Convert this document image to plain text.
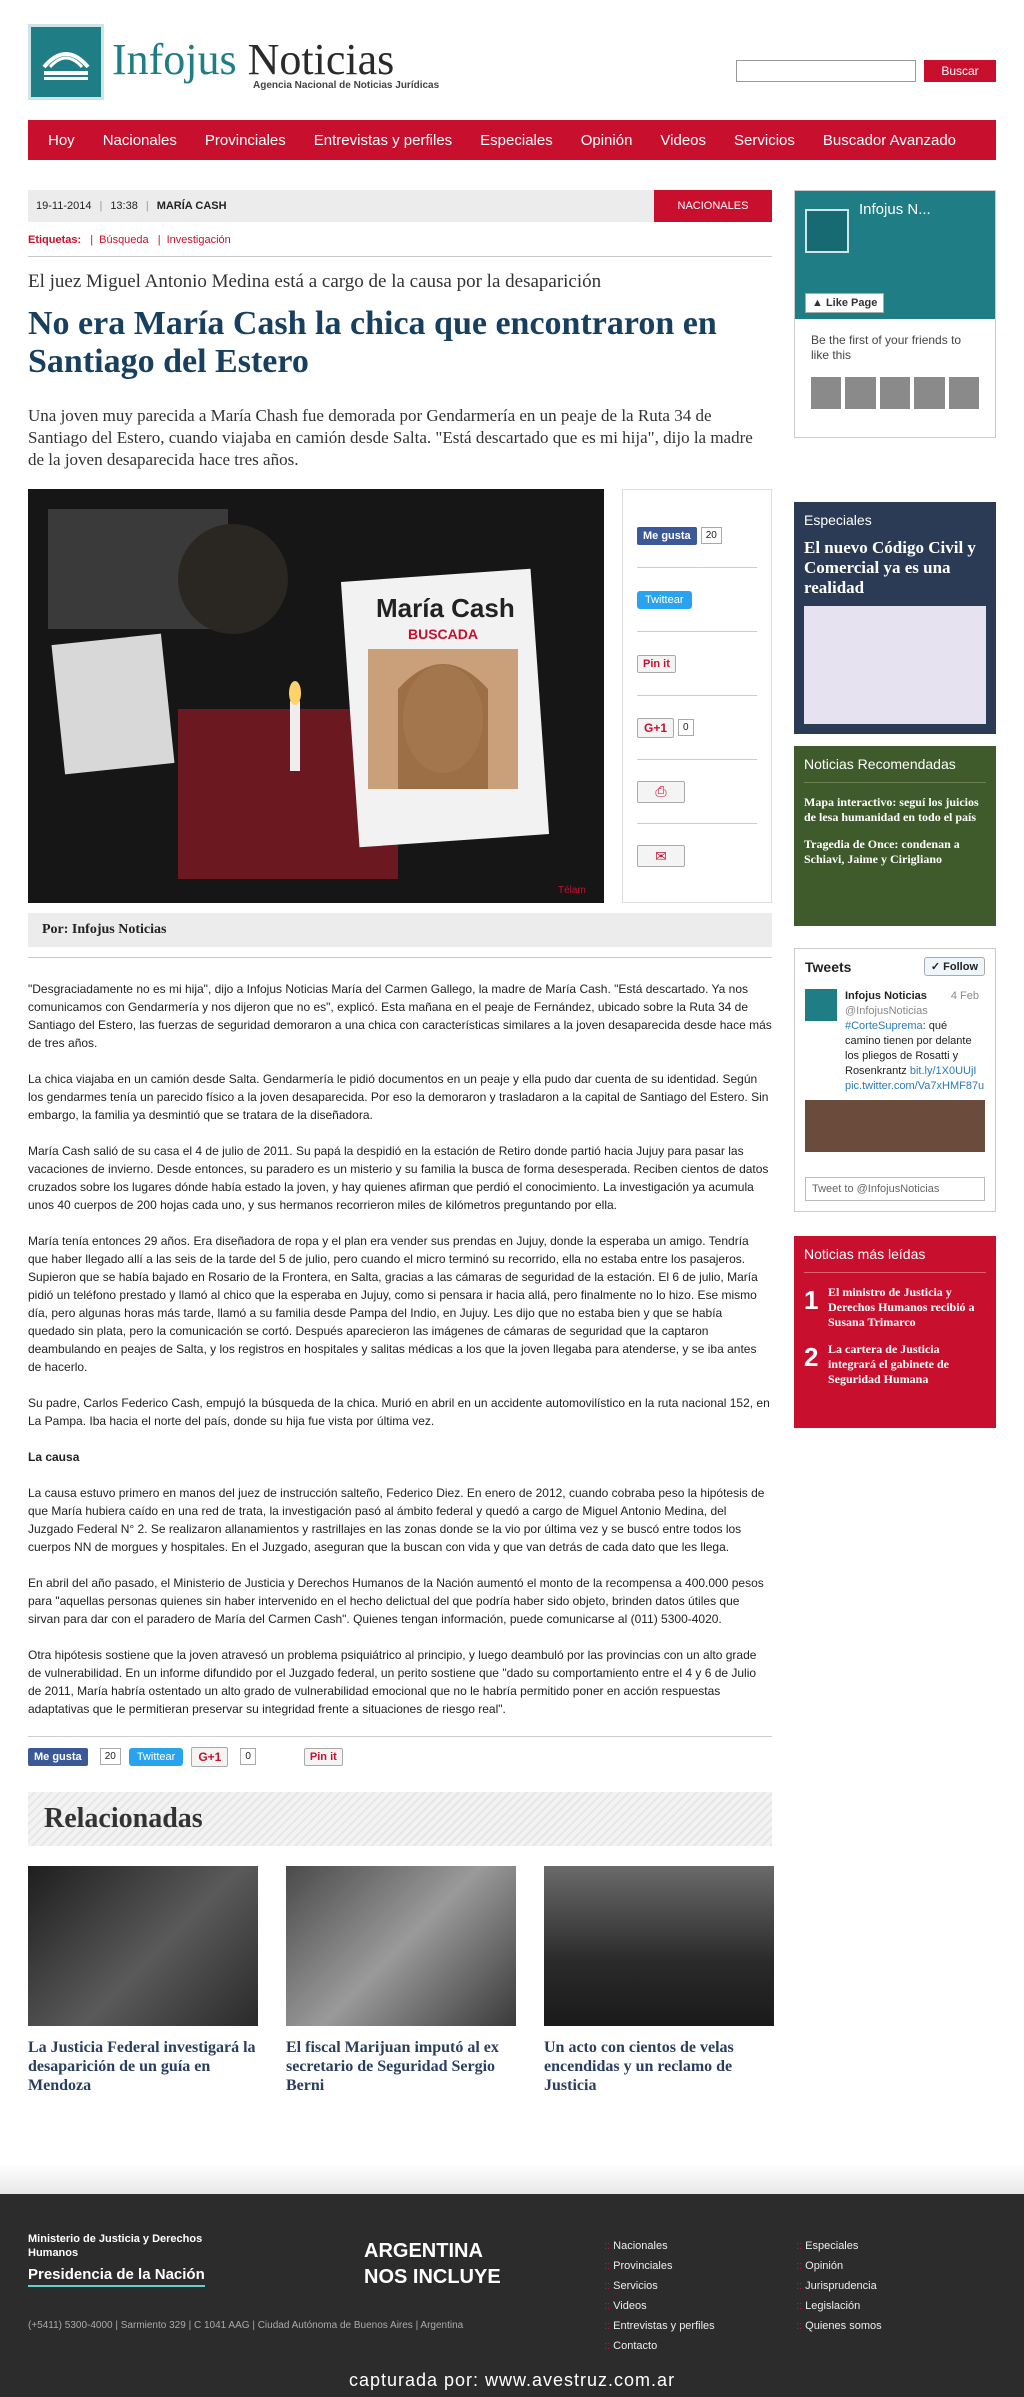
Infojus Noticias
Agencia Nacional de Noticias Jurídicas
Buscar
Hoy	Nacionales	Provinciales	Entrevistas y perfiles	Especiales	Opinión	Videos	Servicios	Buscador Avanzado
19-11-2014 | 13:38 | MARÍA CASH	NACIONALES
Etiquetas: | Búsqueda | Investigación
El juez Miguel Antonio Medina está a cargo de la causa por la desaparición
No era María Cash la chica que encontraron en Santiago del Estero

Una joven muy parecida a María Chash fue demorada por Gendarmería en un peaje de la Ruta 34 de Santiago del Estero, cuando viajaba en camión desde Salta. "Está descartado que es mi hija", dijo la madre de la joven desaparecida hace tres años.

María Cash
BUSCADA
Télam
Me gusta	20
Twittear
Pin it
G+1	0
⎙
✉
Por: Infojus Noticias

"Desgraciadamente no es mi hija", dijo a Infojus Noticias María del Carmen Gallego, la madre de María Cash. "Está descartado. Ya nos comunicamos con Gendarmería y nos dijeron que no es", explicó. Esta mañana en el peaje de Fernández, ubicado sobre la Ruta 34 de Santiago del Estero, las fuerzas de seguridad demoraron a una chica con características similares a la joven desaparecida desde hace más de tres años.

La chica viajaba en un camión desde Salta. Gendarmería le pidió documentos en un peaje y ella pudo dar cuenta de su identidad. Según los gendarmes tenía un parecido físico a la joven desaparecida. Por eso la demoraron y trasladaron a la capital de Santiago del Estero. Sin embargo, la familia ya desmintió que se tratara de la diseñadora.

María Cash salió de su casa el 4 de julio de 2011. Su papá la despidió en la estación de Retiro donde partió hacia Jujuy para pasar las vacaciones de invierno. Desde entonces, su paradero es un misterio y su familia la busca de forma desesperada. Reciben cientos de datos cruzados sobre los lugares dónde había estado la joven, y hay quienes afirman que perdió el conocimiento. La investigación ya acumula unos 40 cuerpos de 200 hojas cada uno, y sus hermanos recorrieron miles de kilómetros preguntando por ella.

María tenía entonces 29 años. Era diseñadora de ropa y el plan era vender sus prendas en Jujuy, donde la esperaba un amigo. Tendría que haber llegado allí a las seis de la tarde del 5 de julio, pero cuando el micro terminó su recorrido, ella no estaba entre los pasajeros. Supieron que se había bajado en Rosario de la Frontera, en Salta, gracias a las cámaras de seguridad de la estación. El 6 de julio, María pidió un teléfono prestado y llamó al chico que la esperaba en Jujuy, como si pensara ir hacia allá, pero finalmente no lo hizo. Ese mismo día, pero algunas horas más tarde, llamó a su familia desde Pampa del Indio, en Jujuy. Les dijo que no estaba bien y que se había quedado sin plata, pero la comunicación se cortó. Después aparecieron las imágenes de cámaras de seguridad que la captaron deambulando en peajes de Salta, y los registros en hospitales y salitas médicas a los que la joven llegaba para atenderse, y se iba antes de hacerlo.

Su padre, Carlos Federico Cash, empujó la búsqueda de la chica. Murió en abril en un accidente automovilístico en la ruta nacional 152, en La Pampa. Iba hacia el norte del país, donde su hija fue vista por última vez.

La causa

La causa estuvo primero en manos del juez de instrucción salteño, Federico Diez. En enero de 2012, cuando cobraba peso la hipótesis de que María hubiera caído en una red de trata, la investigación pasó al ámbito federal y quedó a cargo de Miguel Antonio Medina, del Juzgado Federal N° 2. Se realizaron allanamientos y rastrillajes en las zonas donde se la vio por última vez y se buscó entre todos los cuerpos NN de morgues y hospitales. En el Juzgado, aseguran que la buscan con vida y que van detrás de cada dato que les llega.

En abril del año pasado, el Ministerio de Justicia y Derechos Humanos de la Nación aumentó el monto de la recompensa a 400.000 pesos para "aquellas personas quienes sin haber intervenido en el hecho delictual del que podría haber sido objeto, brinden datos útiles que sirvan para dar con el paradero de María del Carmen Cash". Quienes tengan información, puede comunicarse al (011) 5300-4020.

Otra hipótesis sostiene que la joven atravesó un problema psiquiátrico al principio, y luego deambuló por las provincias con un alto grade de vulnerabilidad. En un informe difundido por el Juzgado federal, un perito sostiene que "dado su comportamiento entre el 4 y 6 de Julio de 2011, María habría ostentado un alto grado de vulnerabilidad emocional que no le habría permitido poner en acción respuestas adaptativas que le permitieran preservar su integridad frente a situaciones de riesgo real".

Me gusta	20	Twittear	G+1	0	Pin it
Relacionadas
La Justicia Federal investigará la desaparición de un guía en Mendoza
El fiscal Marijuan imputó al ex secretario de Seguridad Sergio Berni
Un acto con cientos de velas encendidas y un reclamo de Justicia
Infojus N...
▲ Like Page
Be the first of your friends to like this
Especiales
El nuevo Código Civil y Comercial ya es una realidad
Noticias Recomendadas
Mapa interactivo: seguí los juicios de lesa humanidad en todo el país
Tragedia de Once: condenan a Schiavi, Jaime y Cirigliano
Tweets	✓ Follow
Infojus Noticias 4 Feb

@InfojusNoticias
#CorteSuprema: qué camino tienen por delante los pliegos de Rosatti y Rosenkrantz bit.ly/1X0UUjI pic.twitter.com/Va7xHMF87u
Tweet to @InfojusNoticias
Noticias más leídas
1 El ministro de Justicia y Derechos Humanos recibió a Susana Trimarco
2 La cartera de Justicia integrará el gabinete de Seguridad Humana
Ministerio de Justicia y Derechos Humanos
Presidencia de la Nación
ARGENTINA NOS INCLUYE
(+5411) 5300-4000 | Sarmiento 329 | C 1041 AAG | Ciudad Autónoma de Buenos Aires | Argentina
:: Nacionales
:: Provinciales
:: Servicios
:: Videos
:: Entrevistas y perfiles
:: Contacto
:: Especiales
:: Opinión
:: Jurisprudencia
:: Legislación
:: Quienes somos
capturada por: www.avestruz.com.ar
